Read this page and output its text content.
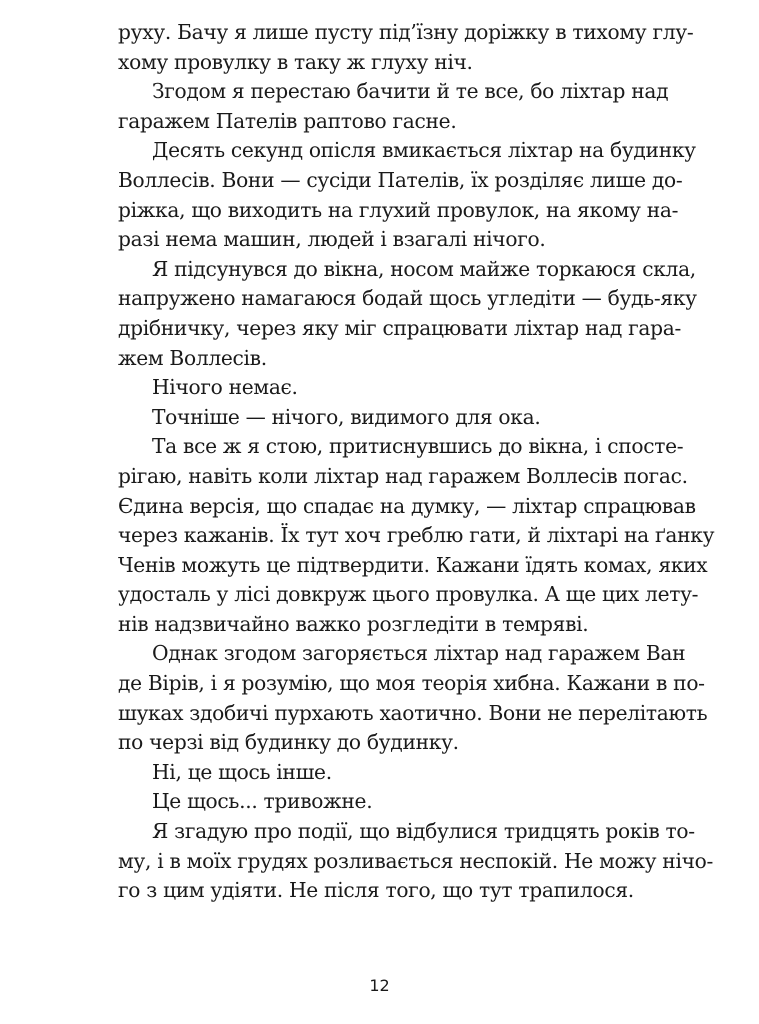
руху. Бачу я лише пусту під’їзну доріжку в тихому глу-
хому провулку в таку ж глуху ніч.
Згодом я перестаю бачити й те все, бо ліхтар над
гаражем Пателів раптово гасне.
Десять секунд опісля вмикається ліхтар на будинку
Воллесів. Вони — сусіди Пателів, їх розділяє лише до-
ріжка, що виходить на глухий провулок, на якому на-
разі нема машин, людей і взагалі нічого.
Я підсунувся до вікна, носом майже торкаюся скла,
напружено намагаюся бодай щось угледіти — будь-яку
дрібничку, через яку міг спрацювати ліхтар над гара-
жем Воллесів.
Нічого немає.
Точніше — нічого, видимого для ока.
Та все ж я стою, притиснувшись до вікна, і спосте-
рігаю, навіть коли ліхтар над гаражем Воллесів погас.
Єдина версія, що спадає на думку, — ліхтар спрацював
через кажанів. Їх тут хоч греблю гати, й ліхтарі на ґанку
Ченів можуть це підтвердити. Кажани їдять комах, яких
удосталь у лісі довкруж цього провулка. А ще цих лету-
нів надзвичайно важко розгледіти в темряві.
Однак згодом загоряється ліхтар над гаражем Ван
де Вірів, і я розумію, що моя теорія хибна. Кажани в по-
шуках здобичі пурхають хаотично. Вони не перелітають
по черзі від будинку до будинку.
Ні, це щось інше.
Це щось... тривожне.
Я згадую про події, що відбулися тридцять років то-
му, і в моїх грудях розливається неспокій. Не можу нічо-
го з цим удіяти. Не після того, що тут трапилося.
12
